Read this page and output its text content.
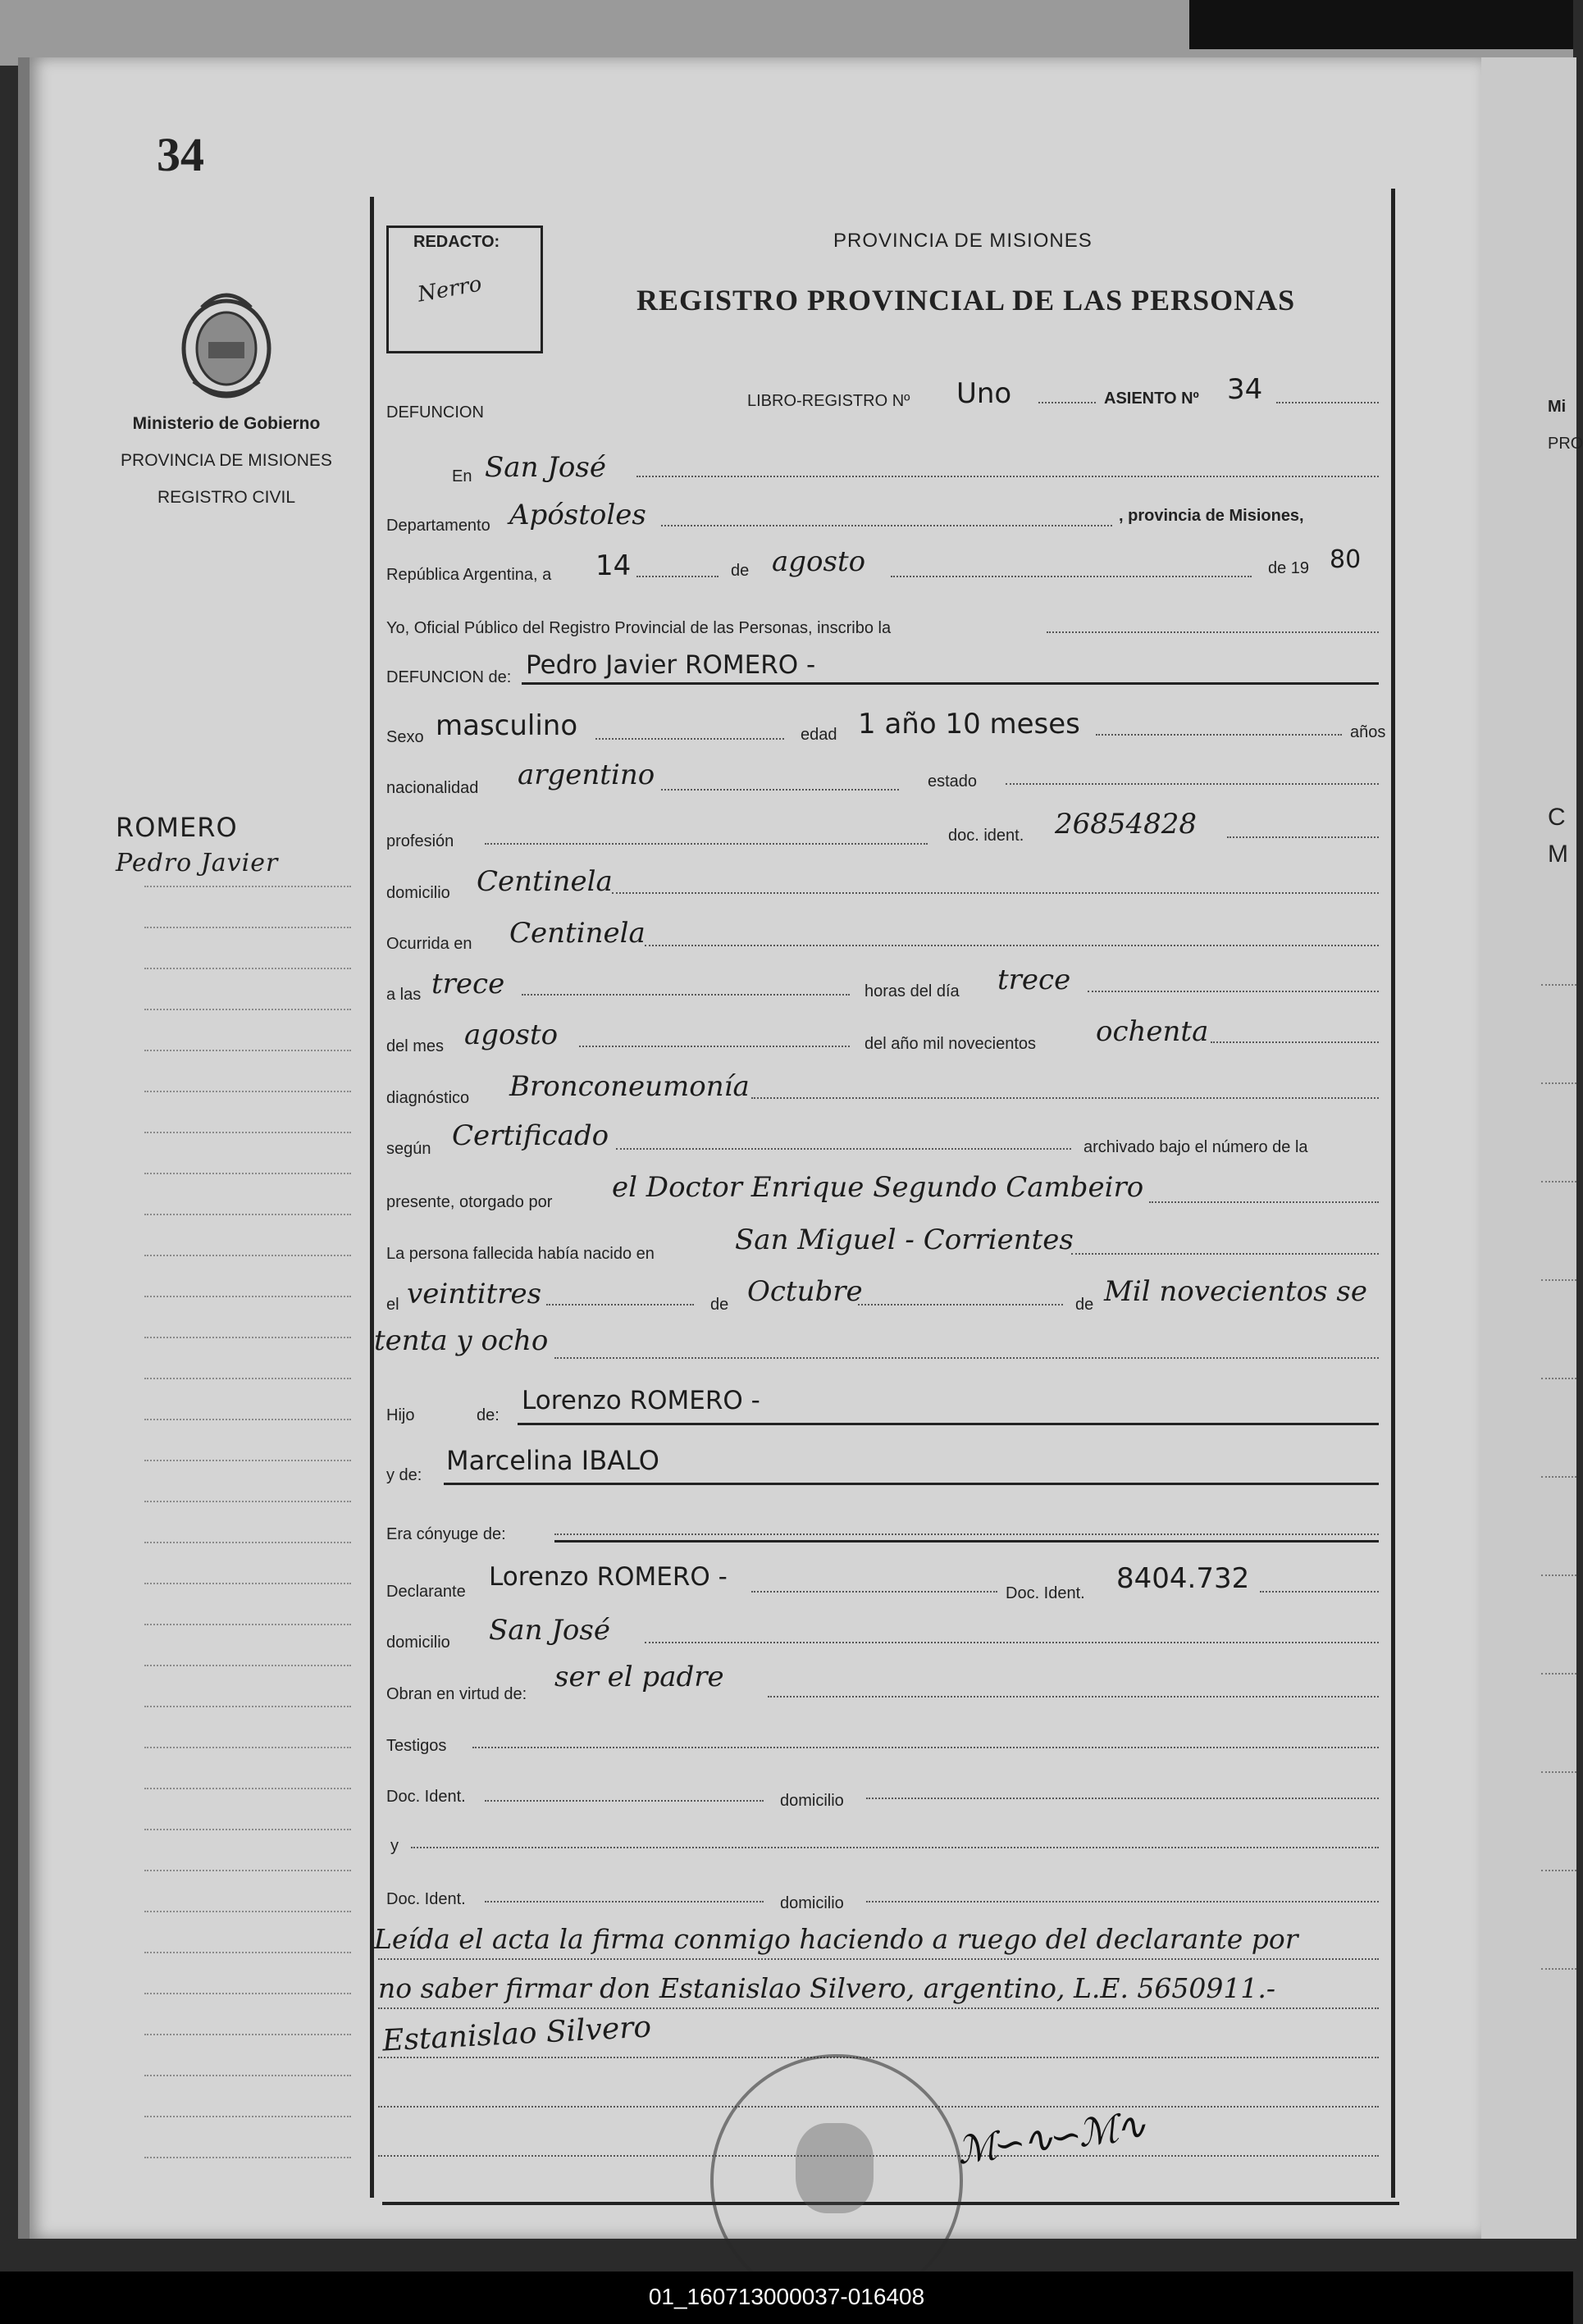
Mi
PRO
C
M
34
Ministerio de Gobierno
PROVINCIA DE MISIONES
REGISTRO CIVIL
ROMERO
Pedro Javier
REDACTO:
Nerro
PROVINCIA DE MISIONES
REGISTRO PROVINCIAL DE LAS PERSONAS
DEFUNCION
LIBRO-REGISTRO Nº Uno	ASIENTO Nº 34
En San José
Departamento Apóstoles	, provincia de Misiones,
República Argentina, a 14	de agosto	de 19 80
Yo, Oficial Público del Registro Provincial de las Personas, inscribo la
DEFUNCION de: Pedro Javier ROMERO -
Sexo masculino	edad 1 año 10 meses	años
nacionalidad argentino	estado
profesión	doc. ident. 26854828
domicilio Centinela
Ocurrida en Centinela
a las trece	horas del día trece
del mes agosto	del año mil novecientos ochenta
diagnóstico Bronconeumonía
según Certificado	archivado bajo el número de la
presente, otorgado por el Doctor Enrique Segundo Cambeiro
La persona fallecida había nacido en	San Miguel - Corrientes
el veintitres	de Octubre	de Mil novecientos se
tenta y ocho
Hijo	de: Lorenzo ROMERO -
y de: Marcelina IBALO
Era cónyuge de:
Declarante Lorenzo ROMERO -
Doc. Ident. 8404.732
domicilio San José
Obran en virtud de:
ser el padre
Testigos
Doc. Ident.	domicilio
y
Doc. Ident.	domicilio
Leída el acta la firma conmigo haciendo a ruego del declarante por
no saber firmar don Estanislao Silvero, argentino, L.E. 5650911.-
Estanislao Silvero
ℳ∽∿∽ℳ∿
01_160713000037-016408
